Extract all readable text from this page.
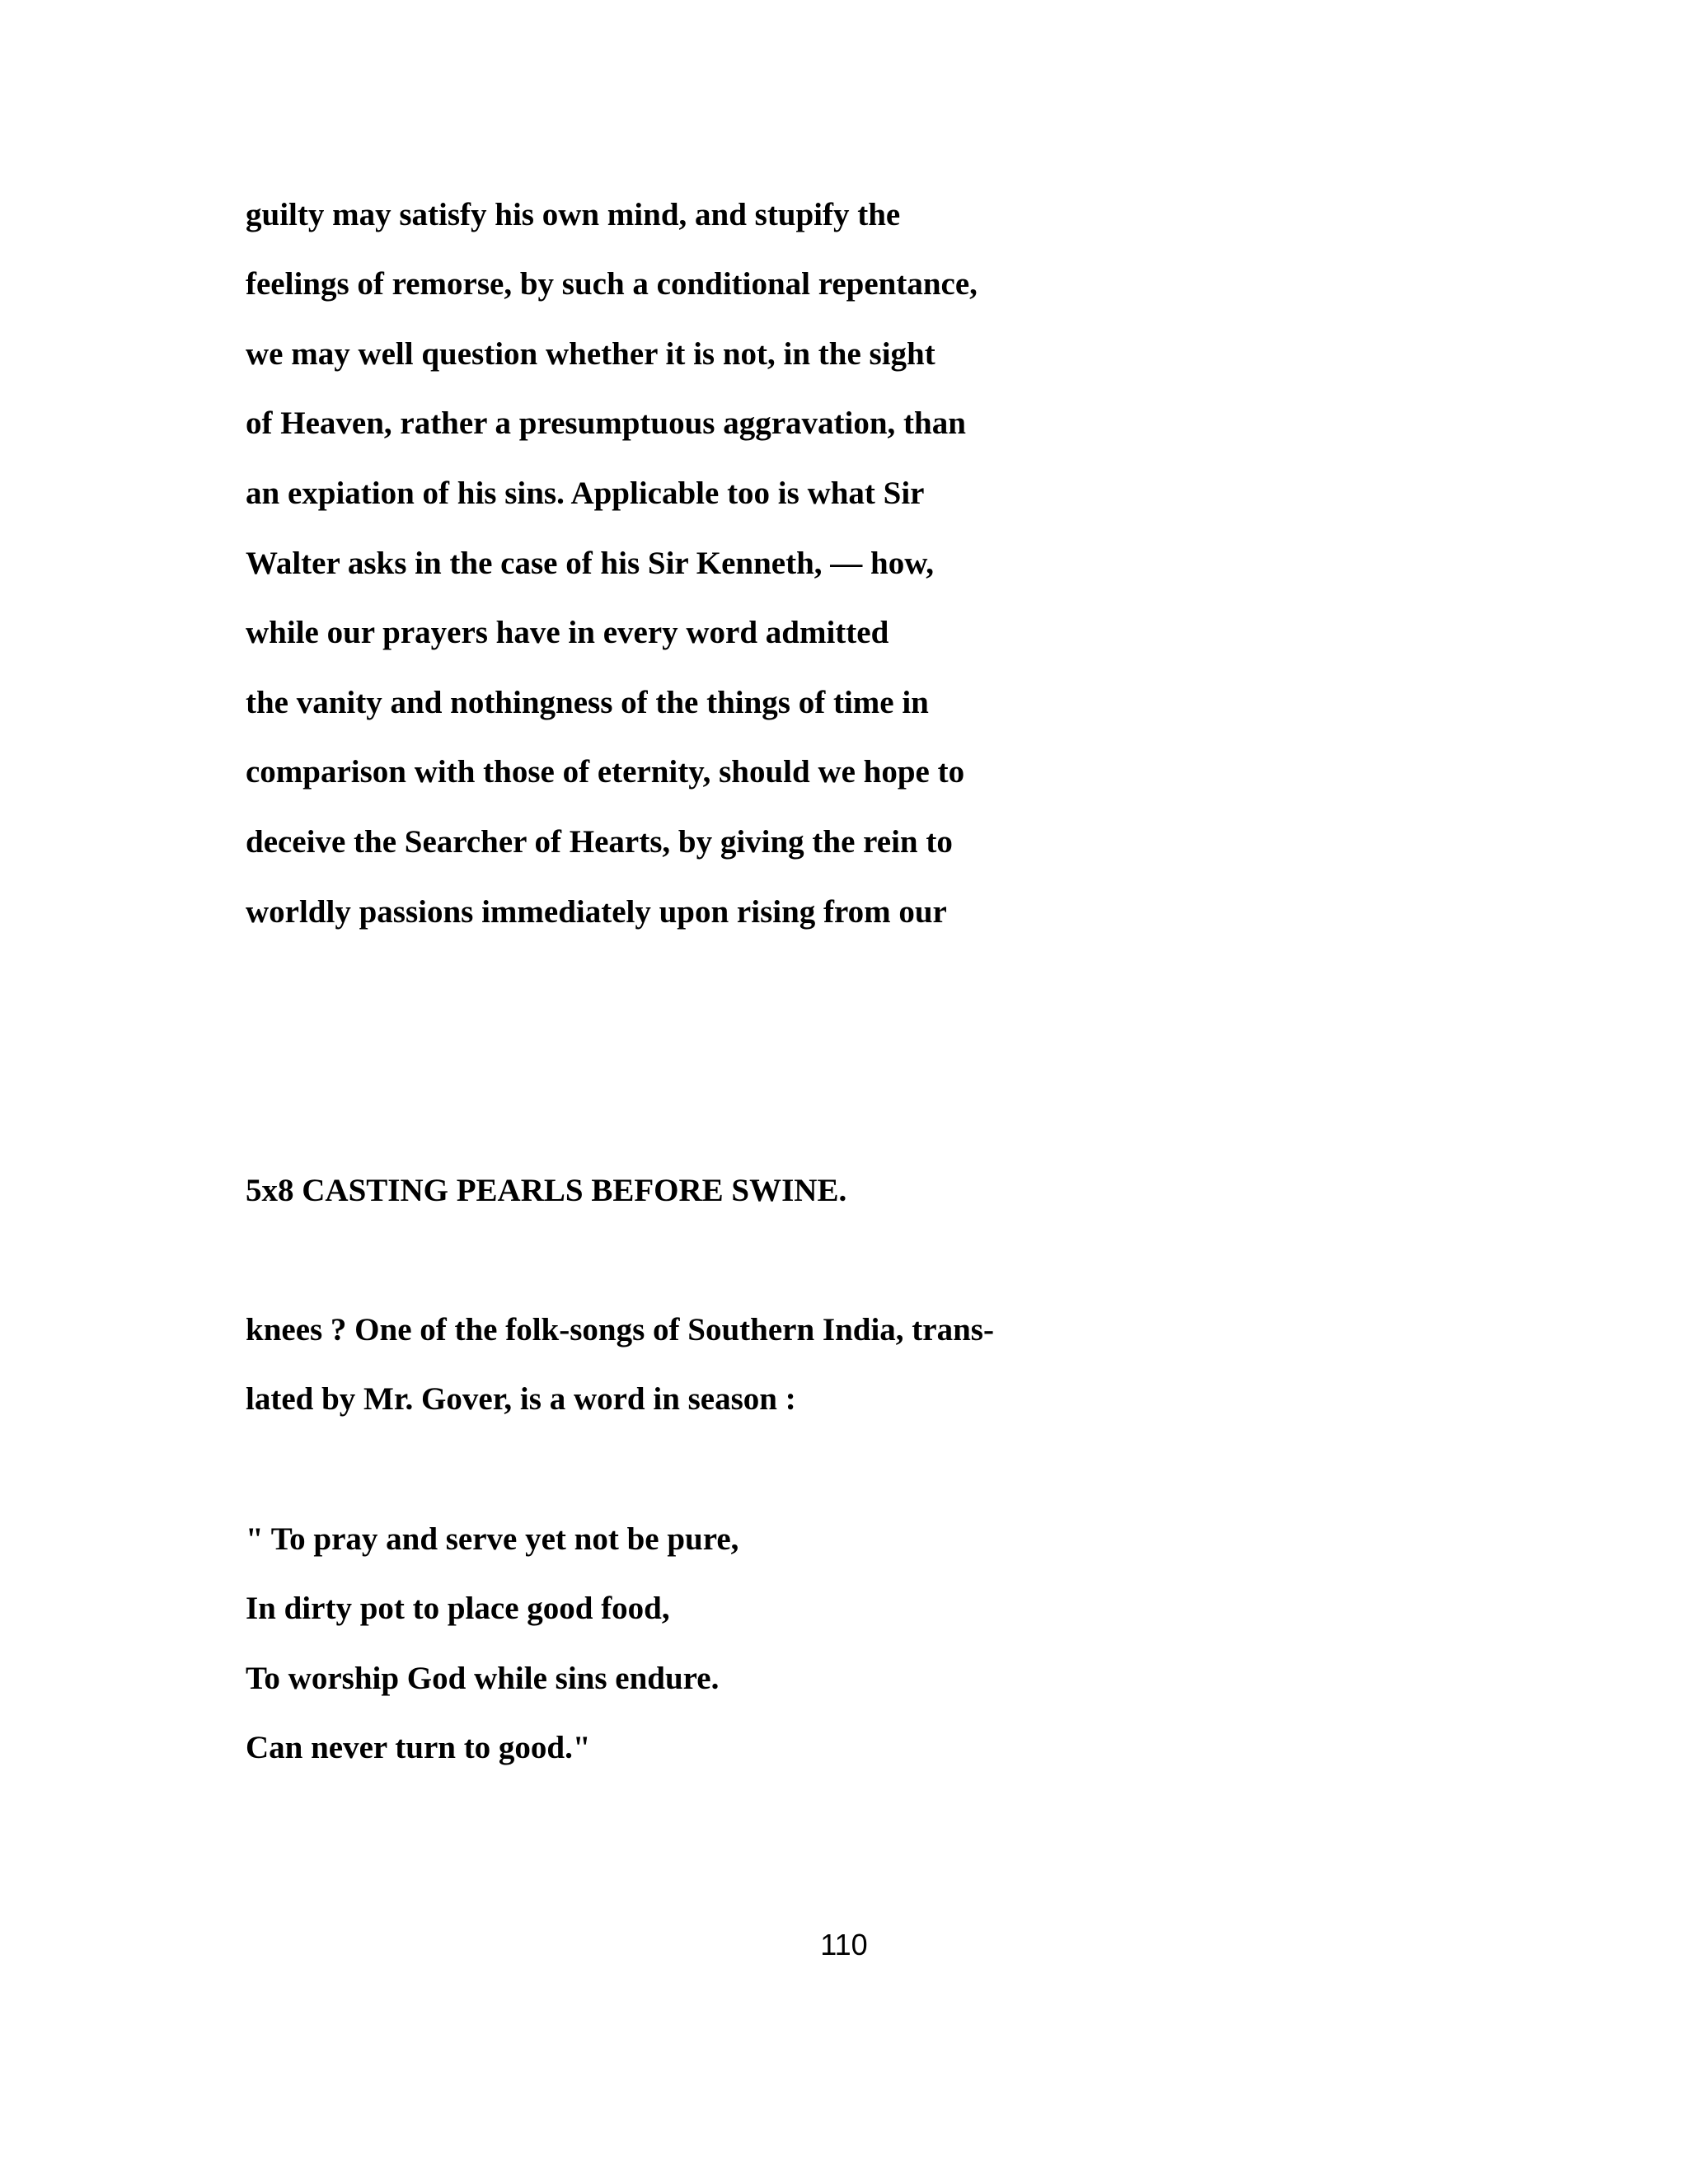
guilty may satisfy his own mind, and stupify the
feelings of remorse, by such a conditional repentance,
we may well question whether it is not, in the sight
of Heaven, rather a presumptuous aggravation, than
an expiation of his sins. Applicable too is what Sir
Walter asks in the case of his Sir Kenneth, — how,
while our prayers have in every word admitted
the vanity and nothingness of the things of time in
comparison with those of eternity, should we hope to
deceive the Searcher of Hearts, by giving the rein to
worldly passions immediately upon rising from our
5x8 CASTING PEARLS BEFORE SWINE.
knees ? One of the folk-songs of Southern India, trans-
lated by Mr. Gover, is a word in season :
" To pray and serve yet not be pure,
In dirty pot to place good food,
To worship God while sins endure.
Can never turn to good."
110
